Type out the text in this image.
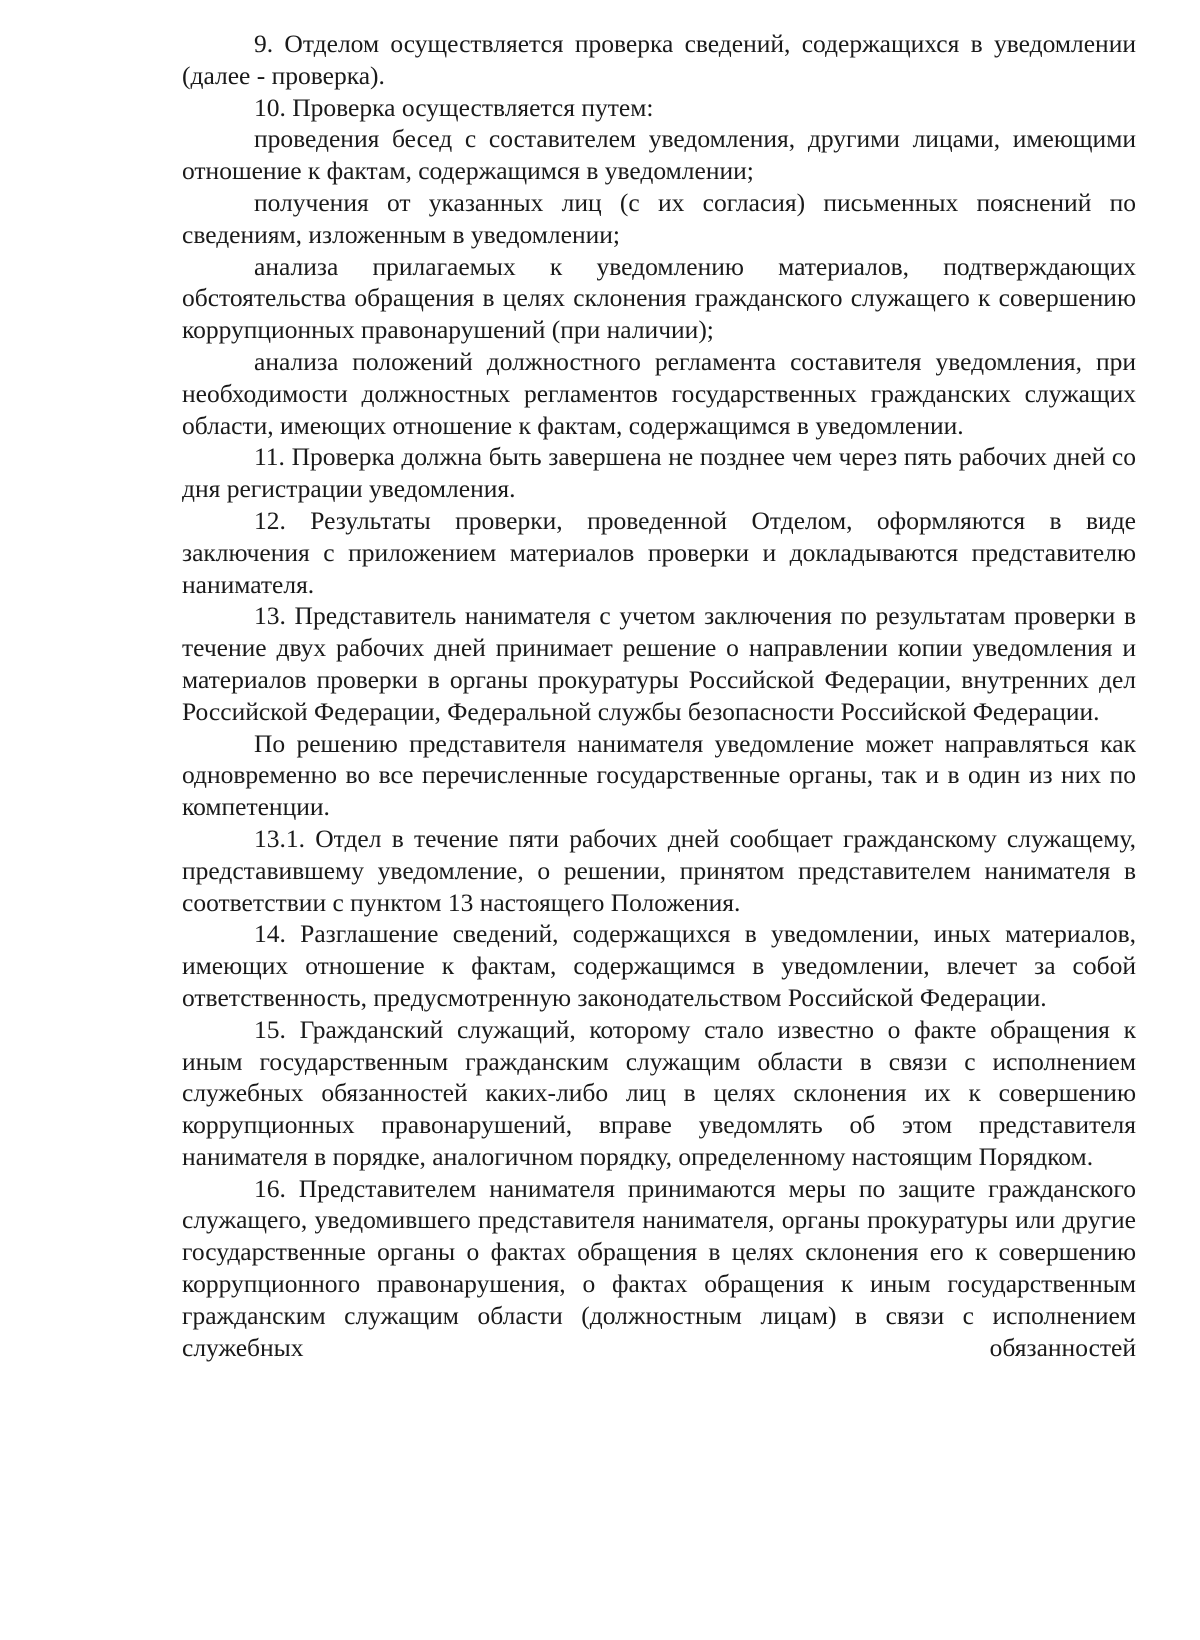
9. Отделом осуществляется проверка сведений, содержащихся в уведомлении (далее - проверка).

10. Проверка осуществляется путем:

проведения бесед с составителем уведомления, другими лицами, имеющими отношение к фактам, содержащимся в уведомлении;

получения от указанных лиц (с их согласия) письменных пояснений по сведениям, изложенным в уведомлении;

анализа прилагаемых к уведомлению материалов, подтверждающих обстоятельства обращения в целях склонения гражданского служащего к совершению коррупционных правонарушений (при наличии);

анализа положений должностного регламента составителя уведомления, при необходимости должностных регламентов государственных гражданских служащих области, имеющих отношение к фактам, содержащимся в уведомлении.

11. Проверка должна быть завершена не позднее чем через пять рабочих дней со дня регистрации уведомления.

12. Результаты проверки, проведенной Отделом, оформляются в виде заключения с приложением материалов проверки и докладываются представителю нанимателя.

13. Представитель нанимателя с учетом заключения по результатам проверки в течение двух рабочих дней принимает решение о направлении копии уведомления и материалов проверки в органы прокуратуры Российской Федерации, внутренних дел Российской Федерации, Федеральной службы безопасности Российской Федерации.

По решению представителя нанимателя уведомление может направляться как одновременно во все перечисленные государственные органы, так и в один из них по компетенции.

13.1. Отдел в течение пяти рабочих дней сообщает гражданскому служащему, представившему уведомление, о решении, принятом представителем нанимателя в соответствии с пунктом 13 настоящего Положения.

14. Разглашение сведений, содержащихся в уведомлении, иных материалов, имеющих отношение к фактам, содержащимся в уведомлении, влечет за собой ответственность, предусмотренную законодательством Российской Федерации.

15. Гражданский служащий, которому стало известно о факте обращения к иным государственным гражданским служащим области в связи с исполнением служебных обязанностей каких-либо лиц в целях склонения их к совершению коррупционных правонарушений, вправе уведомлять об этом представителя нанимателя в порядке, аналогичном порядку, определенному настоящим Порядком.

16. Представителем нанимателя принимаются меры по защите гражданского служащего, уведомившего представителя нанимателя, органы прокуратуры или другие государственные органы о фактах обращения в целях склонения его к совершению коррупционного правонарушения, о фактах обращения к иным государственным гражданским служащим области (должностным лицам) в связи с исполнением служебных обязанностей
